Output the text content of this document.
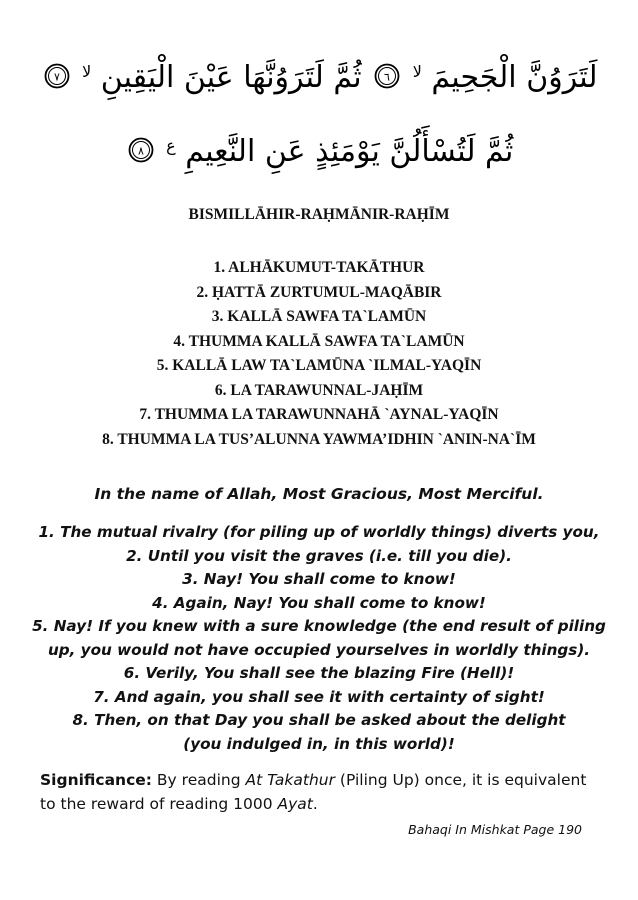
لَتَرَوُنَّ الْجَحِيمَ $^{لا}$
٦
ثُمَّ لَتَرَوُنَّهَا عَيْنَ الْيَقِينِ $^{لا}$
٧
ثُمَّ لَتُسْأَلُنَّ يَوْمَئِذٍ عَنِ النَّعِيمِ $^ع$
٨
BISMILLĀHIR-RAḤMĀNIR-RAḤĪM
1. ALHĀKUMUT-TAKĀTHUR
2. ḤATTĀ ZURTUMUL-MAQĀBIR
3. KALLĀ SAWFA TA`LAMŪN
4. THUMMA KALLĀ SAWFA TA`LAMŪN
5. KALLĀ LAW TA`LAMŪNA `ILMAL-YAQĪN
6. LA TARAWUNNAL-JAḤĪM
7. THUMMA LA TARAWUNNAHĀ `AYNAL-YAQĪN
8. THUMMA LA TUS’ALUNNA YAWMA’IDHIN `ANIN-NA`ĪM
In the name of Allah, Most Gracious, Most Merciful.
1. The mutual rivalry (for piling up of worldly things) diverts you,
2. Until you visit the graves (i.e. till you die).
3. Nay! You shall come to know!
4. Again, Nay! You shall come to know!
5. Nay! If you knew with a sure knowledge (the end result of piling
up, you would not have occupied yourselves in worldly things).
6. Verily, You shall see the blazing Fire (Hell)!
7. And again, you shall see it with certainty of sight!
8. Then, on that Day you shall be asked about the delight
(you indulged in, in this world)!

Significance: By reading At Takathur (Piling Up) once, it is equivalent to the reward of reading 1000 Ayat.

Bahaqi In Mishkat Page 190
